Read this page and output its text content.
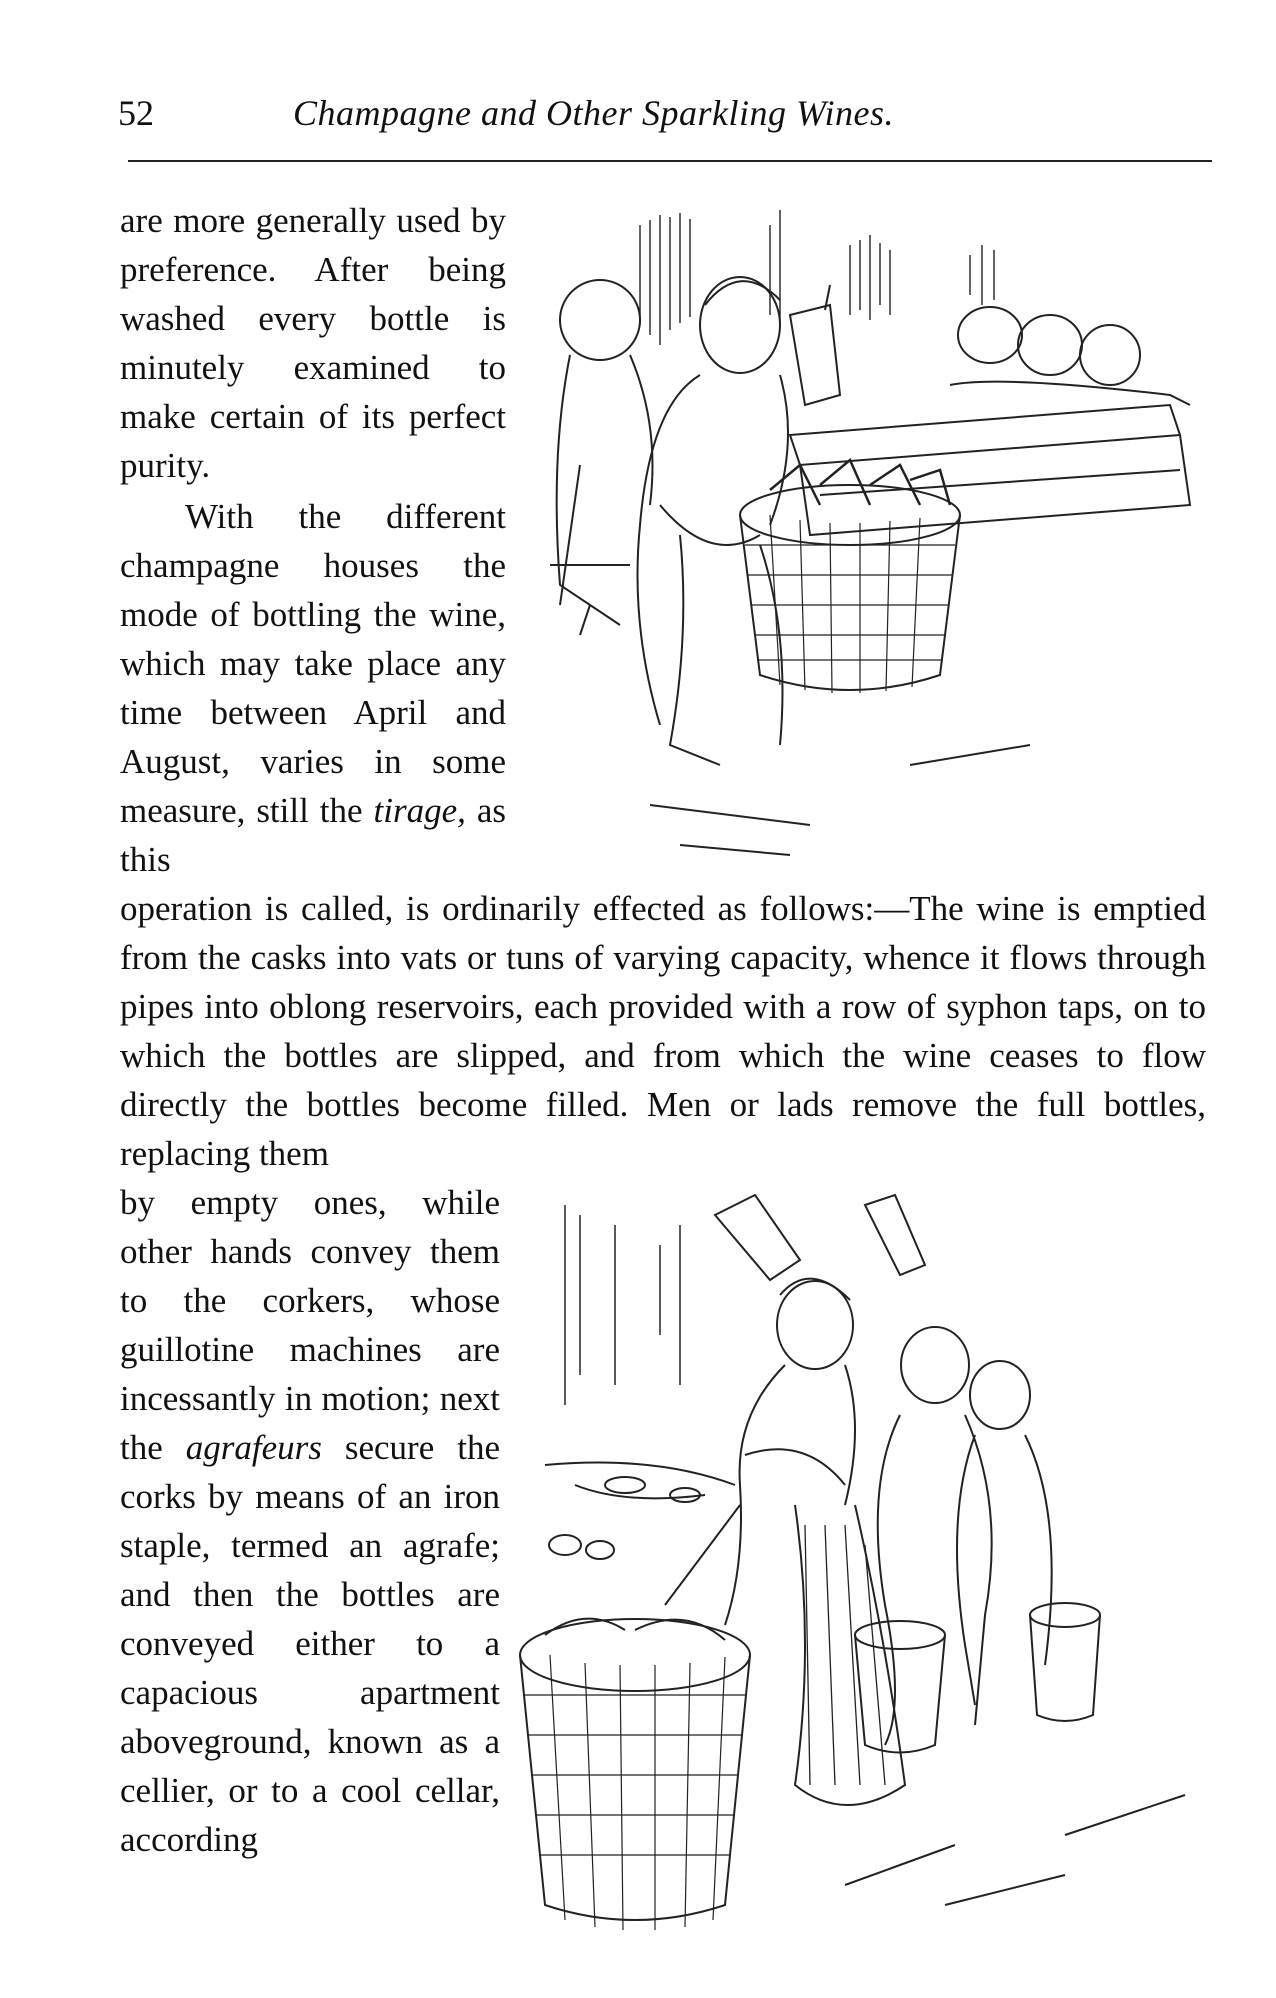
52	Champagne and Other Sparkling Wines.

are more generally used by preference. After being washed every bottle is minutely examined to make certain of its perfect purity.

With the different champagne houses the mode of bottling the wine, which may take place any time between April and August, varies in some measure, still the tirage, as this

operation is called, is ordinarily effected as follows:—The wine is emptied from the casks into vats or tuns of varying capacity, whence it flows through pipes into oblong reservoirs, each provided with a row of syphon taps, on to which the bottles are slipped, and from which the wine ceases to flow directly the bottles become filled. Men or lads remove the full bottles, replacing them

by empty ones, while other hands convey them to the corkers, whose guillotine machines are incessantly in motion; next the agrafeurs secure the corks by means of an iron staple, termed an agrafe; and then the bottles are conveyed either to a capacious apartment aboveground, known as a cellier, or to a cool cellar, according
